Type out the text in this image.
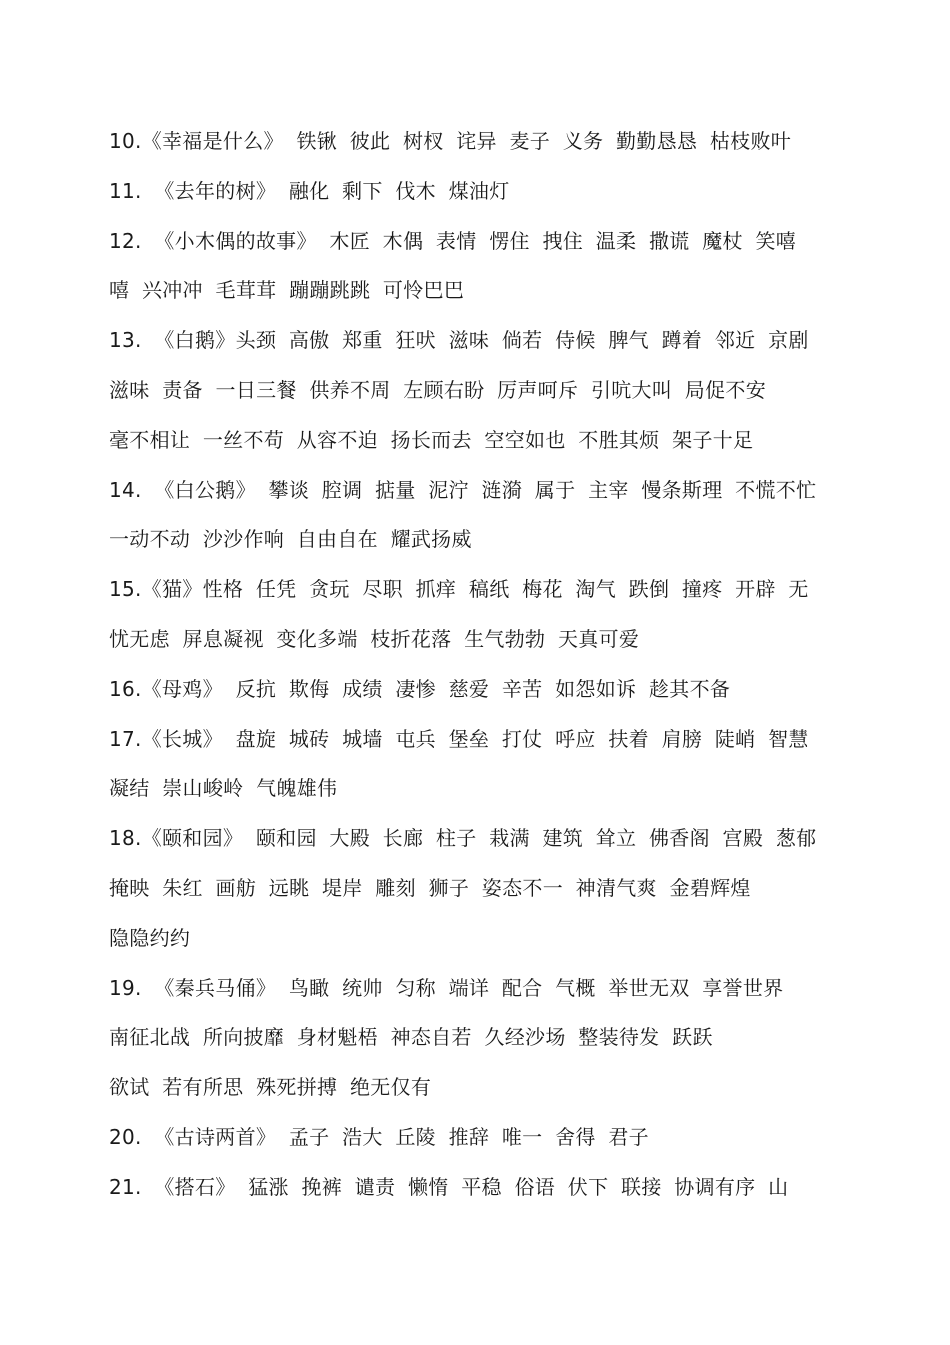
10.《幸福是什么》 铁锹 彼此 树杈 诧异 麦子 义务 勤勤恳恳 枯枝败叶
11. 《去年的树》 融化 剩下 伐木 煤油灯
12. 《小木偶的故事》 木匠 木偶 表情 愣住 拽住 温柔 撒谎 魔杖 笑嘻
嘻 兴冲冲 毛茸茸 蹦蹦跳跳 可怜巴巴
13. 《白鹅》头颈 高傲 郑重 狂吠 滋味 倘若 侍候 脾气 蹲着 邻近 京剧
滋味 责备 一日三餐 供养不周 左顾右盼 厉声呵斥 引吭大叫 局促不安
毫不相让 一丝不苟 从容不迫 扬长而去 空空如也 不胜其烦 架子十足
14. 《白公鹅》 攀谈 腔调 掂量 泥泞 涟漪 属于 主宰 慢条斯理 不慌不忙
一动不动 沙沙作响 自由自在 耀武扬威
15.《猫》性格 任凭 贪玩 尽职 抓痒 稿纸 梅花 淘气 跌倒 撞疼 开辟 无
忧无虑 屏息凝视 变化多端 枝折花落 生气勃勃 天真可爱
16.《母鸡》 反抗 欺侮 成绩 凄惨 慈爱 辛苦 如怨如诉 趁其不备
17.《长城》 盘旋 城砖 城墙 屯兵 堡垒 打仗 呼应 扶着 肩膀 陡峭 智慧
凝结 崇山峻岭 气魄雄伟
18.《颐和园》 颐和园 大殿 长廊 柱子 栽满 建筑 耸立 佛香阁 宫殿 葱郁
掩映 朱红 画舫 远眺 堤岸 雕刻 狮子 姿态不一 神清气爽 金碧辉煌
隐隐约约
19. 《秦兵马俑》 鸟瞰 统帅 匀称 端详 配合 气概 举世无双 享誉世界
南征北战 所向披靡 身材魁梧 神态自若 久经沙场 整装待发 跃跃
欲试 若有所思 殊死拼搏 绝无仅有
20. 《古诗两首》 孟子 浩大 丘陵 推辞 唯一 舍得 君子
21. 《搭石》 猛涨 挽裤 谴责 懒惰 平稳 俗语 伏下 联接 协调有序 山
